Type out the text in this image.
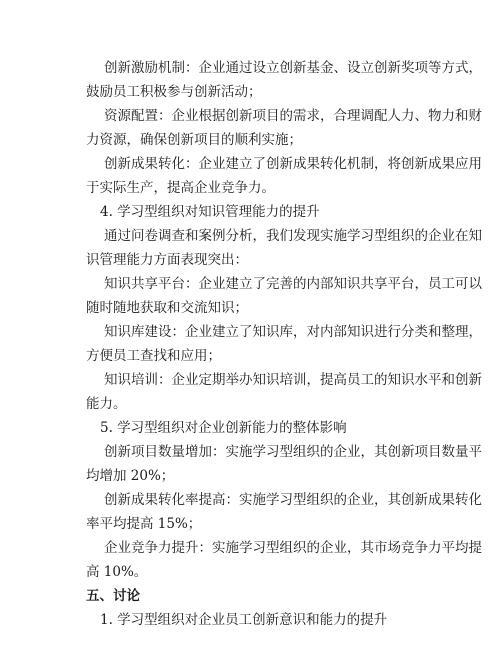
创新激励机制：企业通过设立创新基金、设立创新奖项等方式，
鼓励员工积极参与创新活动；
资源配置：企业根据创新项目的需求，合理调配人力、物力和财
力资源，确保创新项目的顺利实施；
创新成果转化：企业建立了创新成果转化机制，将创新成果应用
于实际生产，提高企业竞争力。
4. 学习型组织对知识管理能力的提升
通过问卷调查和案例分析，我们发现实施学习型组织的企业在知
识管理能力方面表现突出：
知识共享平台：企业建立了完善的内部知识共享平台，员工可以
随时随地获取和交流知识；
知识库建设：企业建立了知识库，对内部知识进行分类和整理，
方便员工查找和应用；
知识培训：企业定期举办知识培训，提高员工的知识水平和创新
能力。
5. 学习型组织对企业创新能力的整体影响
创新项目数量增加：实施学习型组织的企业，其创新项目数量平
均增加 20%；
创新成果转化率提高：实施学习型组织的企业，其创新成果转化
率平均提高 15%；
企业竞争力提升：实施学习型组织的企业，其市场竞争力平均提
高 10%。
五、讨论
1. 学习型组织对企业员工创新意识和能力的提升
